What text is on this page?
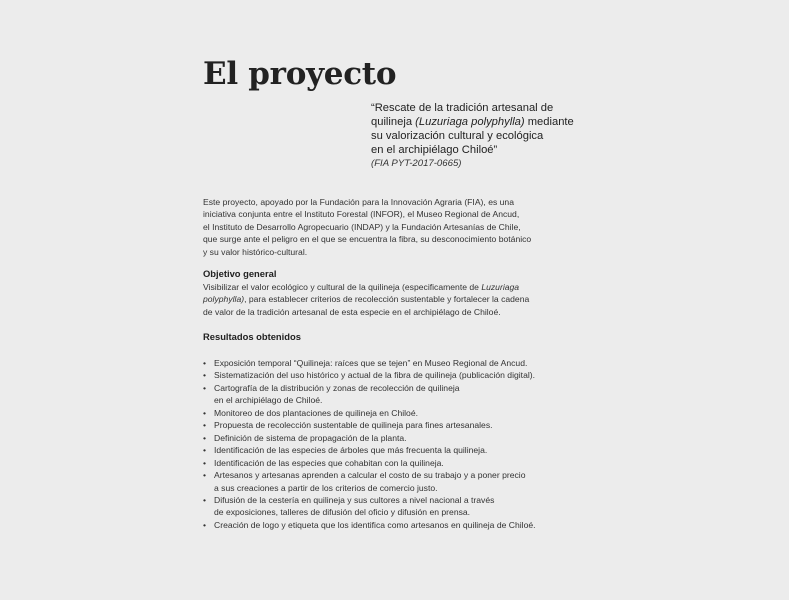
El proyecto
“Rescate de la tradición artesanal de
quilineja (Luzuriaga polyphylla) mediante
su valorización cultural y ecológica
en el archipiélago Chiloé”
(FIA PYT-2017-0665)
Este proyecto, apoyado por la Fundación para la Innovación Agraria (FIA), es una
iniciativa conjunta entre el Instituto Forestal (INFOR), el Museo Regional de Ancud,
el Instituto de Desarrollo Agropecuario (INDAP) y la Fundación Artesanías de Chile,
que surge ante el peligro en el que se encuentra la fibra, su desconocimiento botánico
y su valor histórico-cultural.
Objetivo general
Visibilizar el valor ecológico y cultural de la quilineja (especificamente de Luzuriaga
polyphylla), para establecer criterios de recolección sustentable y fortalecer la cadena
de valor de la tradición artesanal de esta especie en el archipiélago de Chiloé.
Resultados obtenidos
• Exposición temporal “Quilineja: raíces que se tejen” en Museo Regional de Ancud.
• Sistematización del uso histórico y actual de la fibra de quilineja (publicación digital).
• Cartografía de la distribución y zonas de recolección de quilineja
en el archipiélago de Chiloé.
• Monitoreo de dos plantaciones de quilineja en Chiloé.
• Propuesta de recolección sustentable de quilineja para fines artesanales.
• Definición de sistema de propagación de la planta.
• Identificación de las especies de árboles que más frecuenta la quilineja.
• Identificación de las especies que cohabitan con la quilineja.
• Artesanos y artesanas aprenden a calcular el costo de su trabajo y a poner precio
a sus creaciones a partir de los criterios de comercio justo.
• Difusión de la cestería en quilineja y sus cultores a nivel nacional a través
de exposiciones, talleres de difusión del oficio y difusión en prensa.
• Creación de logo y etiqueta que los identifica como artesanos en quilineja de Chiloé.
